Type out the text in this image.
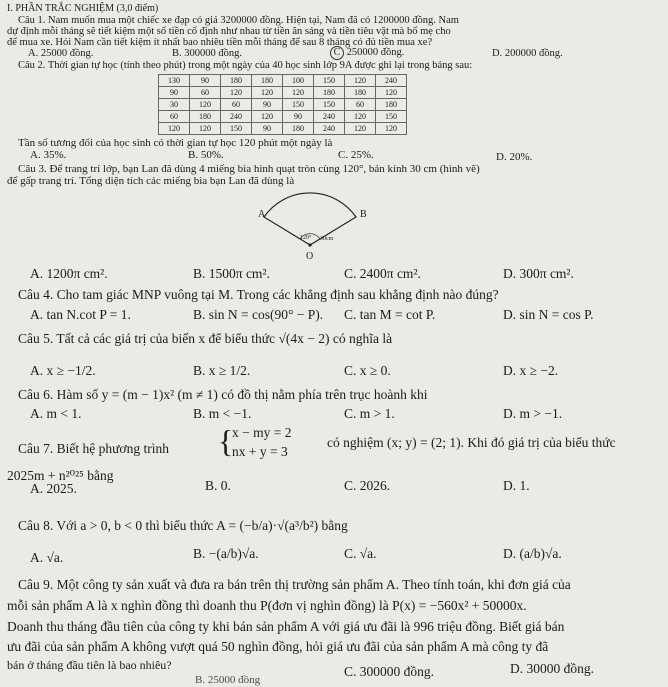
I. PHẦN TRẮC NGHIỆM (3,0 điểm)
Câu 1. Nam muốn mua một chiếc xe đạp có giá 3200000 đồng. Hiện tại, Nam đã có 1200000 đồng. Nam
dự định mỗi tháng sẽ tiết kiệm một số tiền cố định như nhau từ tiền ăn sáng và tiền tiêu vặt mà bố mẹ cho
để mua xe. Hỏi Nam cần tiết kiệm ít nhất bao nhiêu tiền mỗi tháng để sau 8 tháng có đủ tiền mua xe?
A. 25000 đồng.	B. 300000 đồng.	C 250000 đồng.	D. 200000 đồng.
Câu 2. Thời gian tự học (tính theo phút) trong một ngày của 40 học sinh lớp 9A được ghi lại trong bảng sau:
130	90	180	180	100	150	120	240
90	60	120	120	120	180	180	120
30	120	60	90	150	150	60	180
60	180	240	120	90	240	120	150
120	120	150	90	180	240	120	120
Tần số tương đối của học sinh có thời gian tự học 120 phút một ngày là
A. 35%.	B. 50%.	C. 25%.	D. 20%.
Câu 3. Để trang trí lớp, bạn Lan đã dùng 4 miếng bìa hình quạt tròn cùng 120°, bán kính 30 cm (hình vẽ)
để gấp trang trí. Tổng diện tích các miếng bìa bạn Lan đã dùng là
A	B
120° 30cm
O
A. 1200π cm².	B. 1500π cm².	C. 2400π cm².	D. 300π cm².
Câu 4. Cho tam giác MNP vuông tại M. Trong các khẳng định sau khẳng định nào đúng?
A. tan N.cot P = 1.	B. sin N = cos(90° − P). C. tan M = cot P.	D. sin N = cos P.
Câu 5. Tất cả các giá trị của biến x để biểu thức √(4x − 2) có nghĩa là
A. x ≥ −1/2.	B. x ≥ 1/2.	C. x ≥ 0.	D. x ≥ −2.
Câu 6. Hàm số y = (m − 1)x² (m ≠ 1) có đồ thị nằm phía trên trục hoành khi
A. m < 1.	B. m < −1.	C. m > 1.	D. m > −1.
Câu 7. Biết hệ phương trình {
x − my = 2
nx + y = 3
có nghiệm (x; y) = (2; 1). Khi đó giá trị của biểu thức
2025m + n²⁰²⁵ bằng
A. 2025.	B. 0.	C. 2026.	D. 1.
Câu 8. Với a > 0, b < 0 thì biểu thức A = (−b/a)·√(a³/b²) bằng
A. √a.	B. −(a/b)√a.	C. √a.	D. (a/b)√a.
Câu 9. Một công ty sản xuất và đưa ra bán trên thị trường sản phẩm A. Theo tính toán, khi đơn giá của
mỗi sản phẩm A là x nghìn đồng thì doanh thu P(đơn vị nghìn đồng) là P(x) = −560x² + 50000x.
Doanh thu tháng đầu tiên của công ty khi bán sản phẩm A với giá ưu đãi là 996 triệu đồng. Biết giá bán
ưu đãi của sản phẩm A không vượt quá 50 nghìn đồng, hỏi giá ưu đãi của sản phẩm A mà công ty đã
bán ở tháng đầu tiên là bao nhiêu?
B. 25000 đồng
C. 300000 đồng.	D. 30000 đồng.
